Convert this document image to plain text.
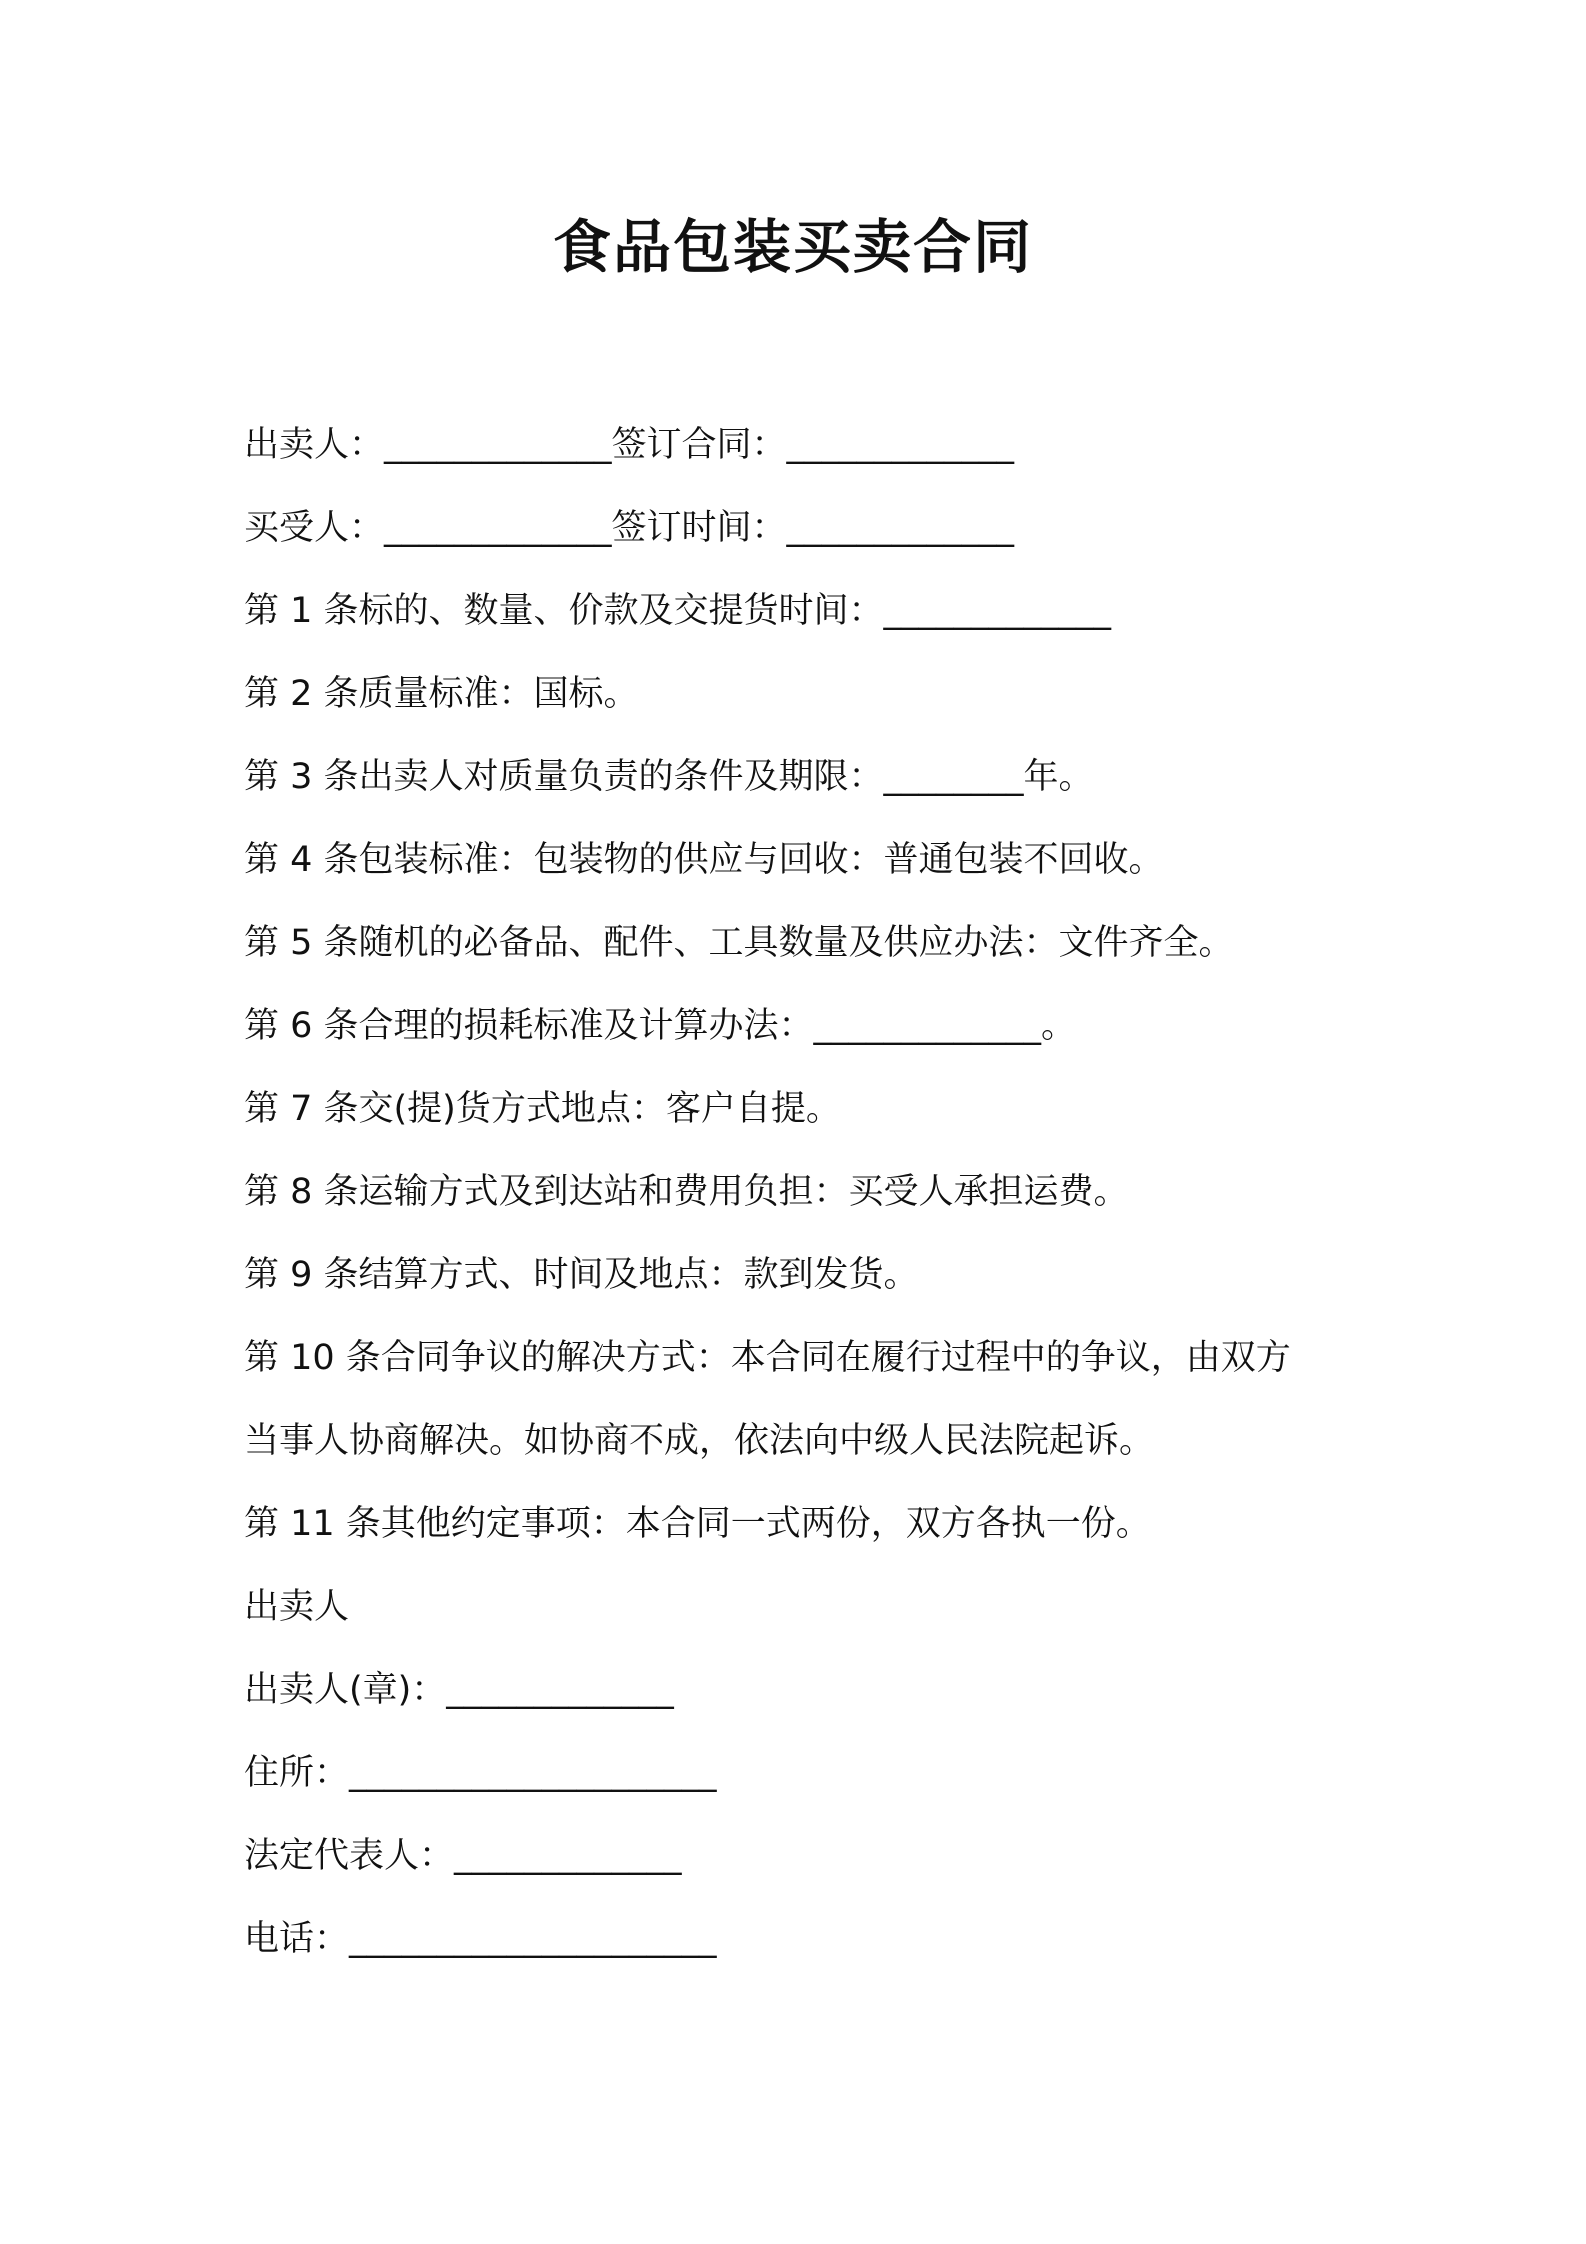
食品包装买卖合同

出卖人：_____________签订合同：_____________

买受人：_____________签订时间：_____________

第 1 条标的、数量、价款及交提货时间：_____________

第 2 条质量标准：国标。

第 3 条出卖人对质量负责的条件及期限：________年。

第 4 条包装标准：包装物的供应与回收：普通包装不回收。

第 5 条随机的必备品、配件、工具数量及供应办法：文件齐全。

第 6 条合理的损耗标准及计算办法：_____________。

第 7 条交(提)货方式地点：客户自提。

第 8 条运输方式及到达站和费用负担：买受人承担运费。

第 9 条结算方式、时间及地点：款到发货。

第 10 条合同争议的解决方式：本合同在履行过程中的争议，由双方

当事人协商解决。如协商不成，依法向中级人民法院起诉。

第 11 条其他约定事项：本合同一式两份，双方各执一份。

出卖人

出卖人(章)：_____________

住所：_____________________

法定代表人：_____________

电话：_____________________
